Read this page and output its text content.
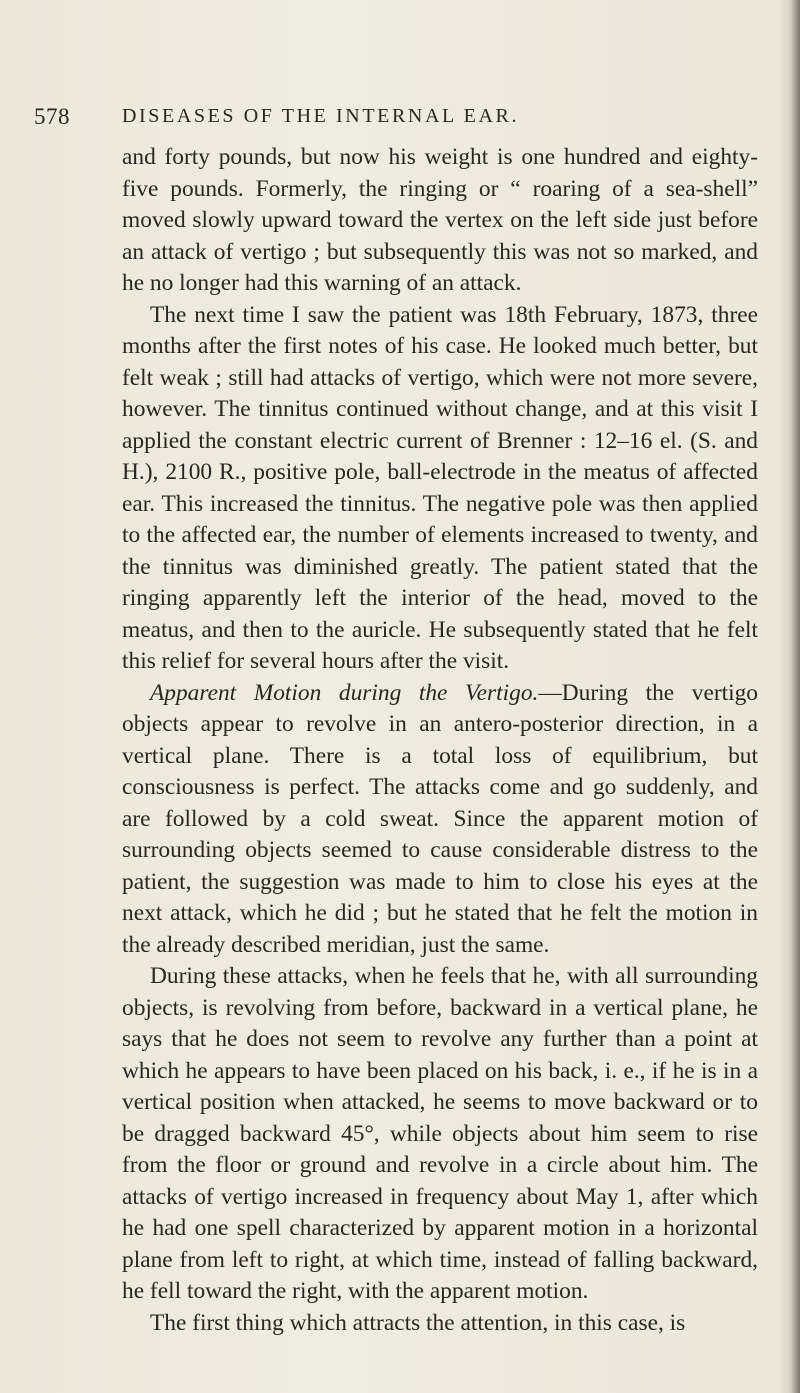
578	DISEASES OF THE INTERNAL EAR.

and forty pounds, but now his weight is one hundred and eighty-five pounds. Formerly, the ringing or “ roaring of a sea-shell” moved slowly upward toward the vertex on the left side just before an attack of vertigo ; but subsequently this was not so marked, and he no longer had this warning of an attack.

The next time I saw the patient was 18th February, 1873, three months after the first notes of his case. He looked much better, but felt weak ; still had attacks of vertigo, which were not more severe, however. The tinnitus continued without change, and at this visit I applied the constant electric current of Brenner : 12–16 el. (S. and H.), 2100 R., positive pole, ball-electrode in the meatus of affected ear. This increased the tinnitus. The negative pole was then applied to the affected ear, the number of elements increased to twenty, and the tinnitus was diminished greatly. The patient stated that the ringing apparently left the interior of the head, moved to the meatus, and then to the auricle. He subsequently stated that he felt this relief for several hours after the visit.

Apparent Motion during the Vertigo.—During the vertigo objects appear to revolve in an antero-posterior direction, in a vertical plane. There is a total loss of equilibrium, but consciousness is perfect. The attacks come and go suddenly, and are followed by a cold sweat. Since the apparent motion of surrounding objects seemed to cause considerable distress to the patient, the suggestion was made to him to close his eyes at the next attack, which he did ; but he stated that he felt the motion in the already described meridian, just the same.

During these attacks, when he feels that he, with all surrounding objects, is revolving from before, backward in a vertical plane, he says that he does not seem to revolve any further than a point at which he appears to have been placed on his back, i. e., if he is in a vertical position when attacked, he seems to move backward or to be dragged backward 45°, while objects about him seem to rise from the floor or ground and revolve in a circle about him. The attacks of vertigo increased in frequency about May 1, after which he had one spell characterized by apparent motion in a horizontal plane from left to right, at which time, instead of falling backward, he fell toward the right, with the apparent motion.

The first thing which attracts the attention, in this case, is
